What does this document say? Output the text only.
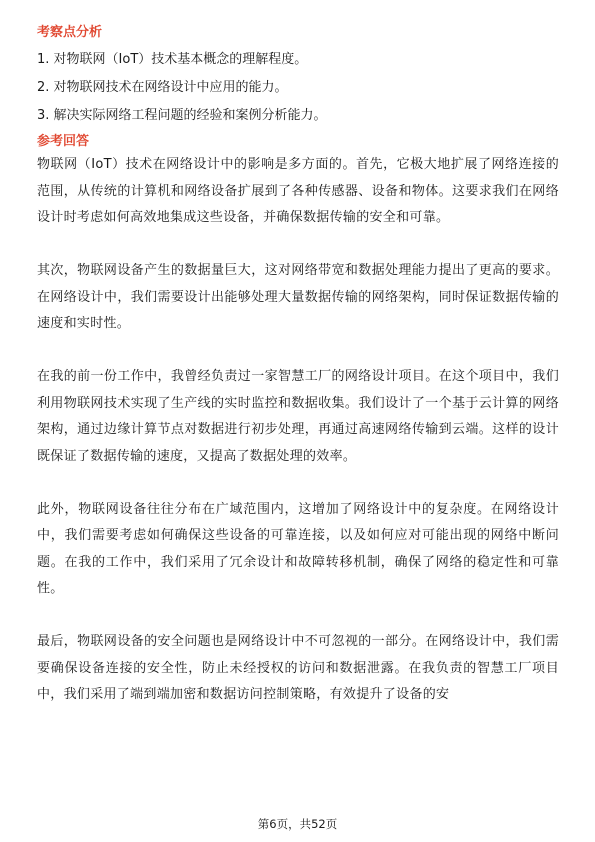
考察点分析
1. 对物联网（IoT）技术基本概念的理解程度。
2. 对物联网技术在网络设计中应用的能力。
3. 解决实际网络工程问题的经验和案例分析能力。
参考回答

物联网（IoT）技术在网络设计中的影响是多方面的。首先，它极大地扩展了网络连接的范围，从传统的计算机和网络设备扩展到了各种传感器、设备和物体。这要求我们在网络设计时考虑如何高效地集成这些设备，并确保数据传输的安全和可靠。

其次，物联网设备产生的数据量巨大，这对网络带宽和数据处理能力提出了更高的要求。在网络设计中，我们需要设计出能够处理大量数据传输的网络架构，同时保证数据传输的速度和实时性。

在我的前一份工作中，我曾经负责过一家智慧工厂的网络设计项目。在这个项目中，我们利用物联网技术实现了生产线的实时监控和数据收集。我们设计了一个基于云计算的网络架构，通过边缘计算节点对数据进行初步处理，再通过高速网络传输到云端。这样的设计既保证了数据传输的速度，又提高了数据处理的效率。

此外，物联网设备往往分布在广域范围内，这增加了网络设计中的复杂度。在网络设计中，我们需要考虑如何确保这些设备的可靠连接，以及如何应对可能出现的网络中断问题。在我的工作中，我们采用了冗余设计和故障转移机制，确保了网络的稳定性和可靠性。

最后，物联网设备的安全问题也是网络设计中不可忽视的一部分。在网络设计中，我们需要确保设备连接的安全性，防止未经授权的访问和数据泄露。在我负责的智慧工厂项目中，我们采用了端到端加密和数据访问控制策略，有效提升了设备的安

第6页，共52页
